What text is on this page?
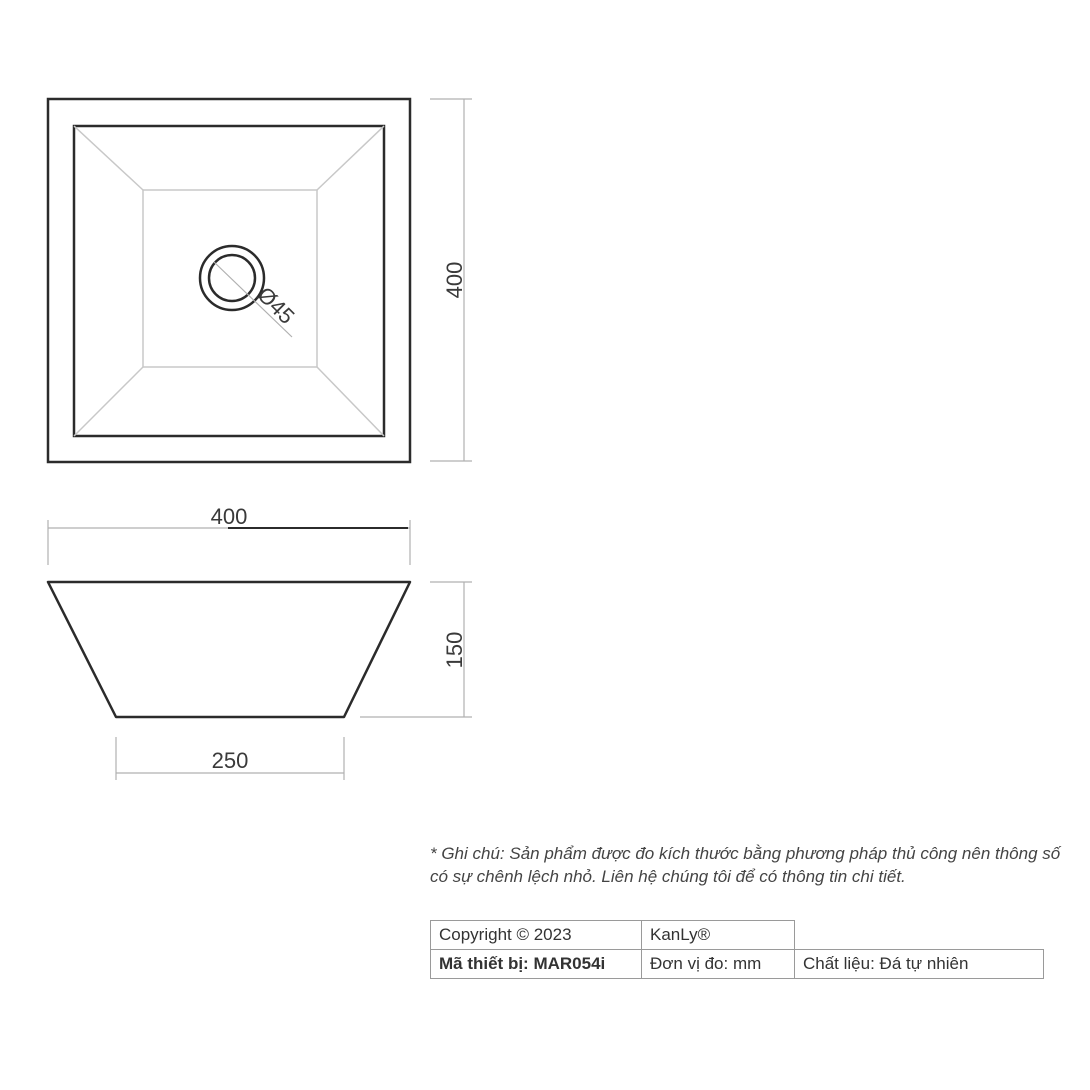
Ø45
400
400
150
250
* Ghi chú: Sản phẩm được đo kích thước bằng phương pháp thủ công nên thông số có sự chênh lệch nhỏ. Liên hệ chúng tôi để có thông tin chi tiết.
Copyright © 2023	KanLy®	
Mã thiết bị: MAR054i	Đơn vị đo: mm	Chất liệu: Đá tự nhiên
